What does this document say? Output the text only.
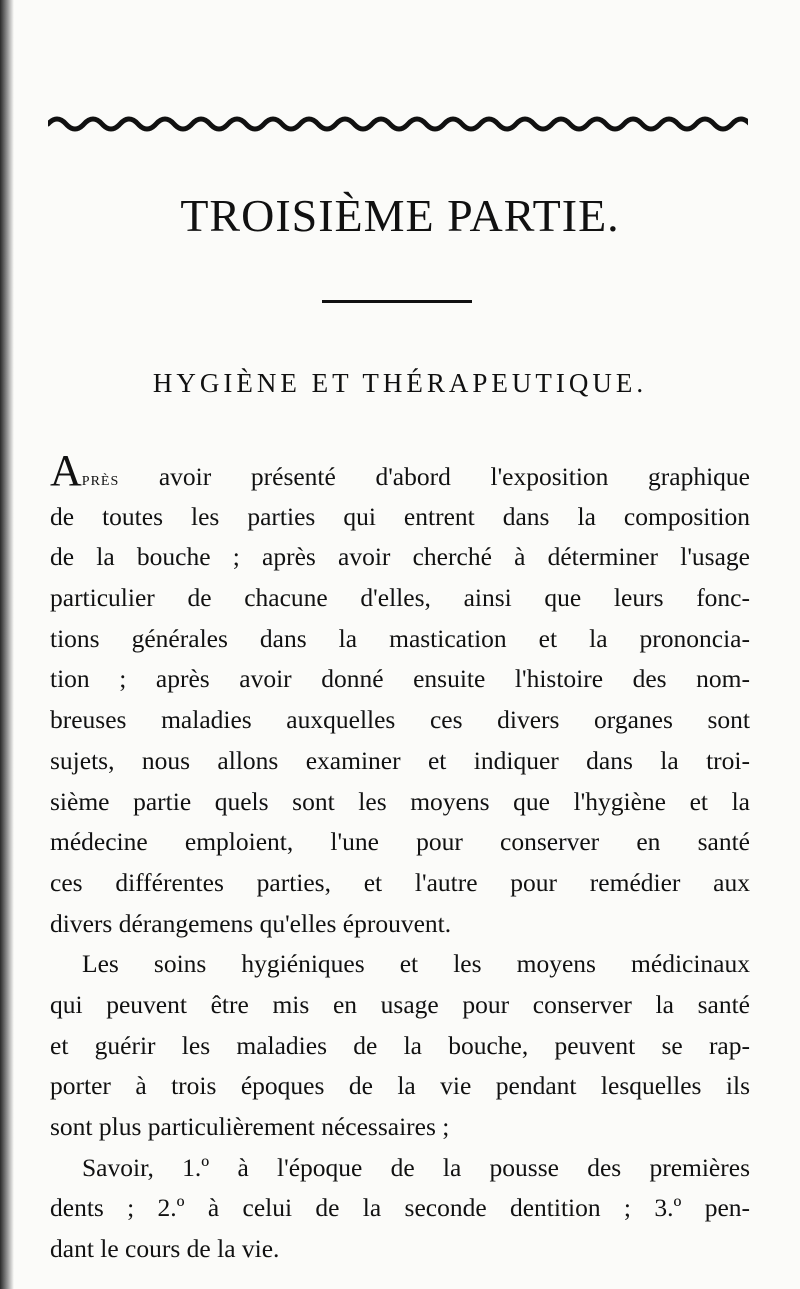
TROISIÈME PARTIE.
HYGIÈNE ET THÉRAPEUTIQUE.
APRÈS avoir présenté d'abord l'exposition graphique
de toutes les parties qui entrent dans la composition
de la bouche ; après avoir cherché à déterminer l'usage
particulier de chacune d'elles, ainsi que leurs fonc-
tions générales dans la mastication et la prononcia-
tion ; après avoir donné ensuite l'histoire des nom-
breuses maladies auxquelles ces divers organes sont
sujets, nous allons examiner et indiquer dans la troi-
sième partie quels sont les moyens que l'hygiène et la
médecine emploient, l'une pour conserver en santé
ces différentes parties, et l'autre pour remédier aux
divers dérangemens qu'elles éprouvent.
Les soins hygiéniques et les moyens médicinaux
qui peuvent être mis en usage pour conserver la santé
et guérir les maladies de la bouche, peuvent se rap-
porter à trois époques de la vie pendant lesquelles ils
sont plus particulièrement nécessaires ;
Savoir, 1.º à l'époque de la pousse des premières
dents ; 2.º à celui de la seconde dentition ; 3.º pen-
dant le cours de la vie.
